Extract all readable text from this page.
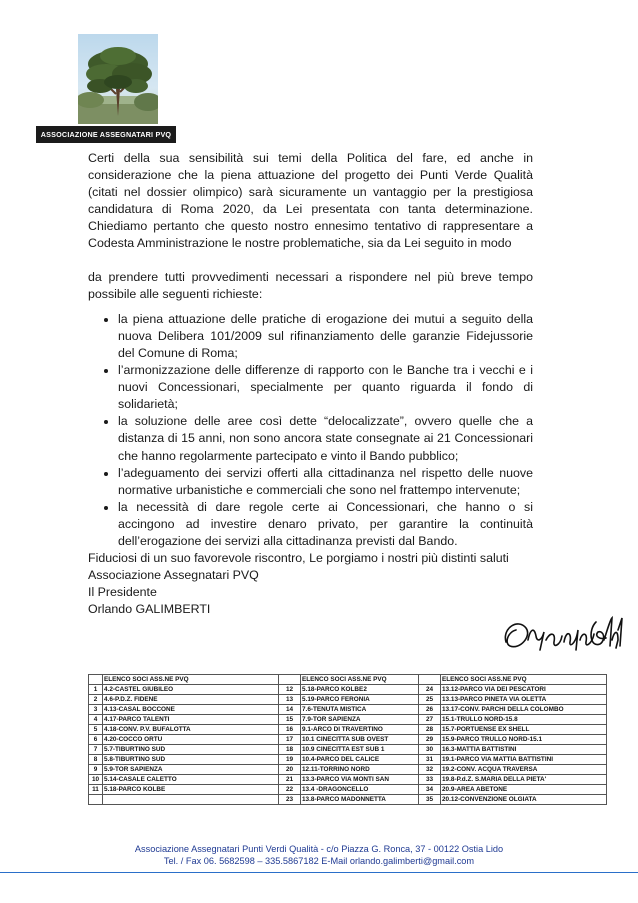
ASSOCIAZIONE ASSEGNATARI PVQ

Certi della sua sensibilità sui temi della Politica del fare, ed anche in considerazione che la piena attuazione del progetto dei Punti Verde Qualità (citati nel dossier olimpico) sarà sicuramente un vantaggio per la prestigiosa candidatura di Roma 2020, da Lei presentata con tanta determinazione. Chiediamo pertanto che questo nostro ennesimo tentativo di rappresentare a Codesta Amministrazione le nostre problematiche, sia da Lei seguito in modo

da prendere tutti provvedimenti necessari a rispondere nel più breve tempo possibile alle seguenti richieste:

• la piena attuazione delle pratiche di erogazione dei mutui a seguito della nuova Delibera 101/2009 sul rifinanziamento delle garanzie Fidejussorie del Comune di Roma;
• l’armonizzazione delle differenze di rapporto con le Banche tra i vecchi e i nuovi Concessionari, specialmente per quanto riguarda il fondo di solidarietà;
• la soluzione delle aree così dette “delocalizzate”, ovvero quelle che a distanza di 15 anni, non sono ancora state consegnate ai 21 Concessionari che hanno regolarmente partecipato e vinto il Bando pubblico;
• l’adeguamento dei servizi offerti alla cittadinanza nel rispetto delle nuove normative urbanistiche e commerciali che sono nel frattempo intervenute;
• la necessità di dare regole certe ai Concessionari, che hanno o si accingono ad investire denaro privato, per garantire la continuità dell’erogazione dei servizi alla cittadinanza previsti dal Bando.

Fiduciosi di un suo favorevole riscontro, Le porgiamo i nostri più distinti saluti

Associazione Assegnatari PVQ

Il Presidente

Orlando GALIMBERTI

	ELENCO SOCI ASS.NE PVQ		ELENCO SOCI ASS.NE PVQ		ELENCO SOCI ASS.NE PVQ
1	4.2-CASTEL GIUBILEO	12	5.18-PARCO KOLBE2	24	13.12-PARCO VIA DEI PESCATORI
2	4.6-P.D.Z. FIDENE	13	5.19-PARCO FERONIA	25	13.13-PARCO PINETA VIA OLETTA
3	4.13-CASAL BOCCONE	14	7.6-TENUTA MISTICA	26	13.17-CONV. PARCHI DELLA COLOMBO
4	4.17-PARCO TALENTI	15	7.9-TOR SAPIENZA	27	15.1-TRULLO NORD-15.8
5	4.18-CONV. P.V. BUFALOTTA	16	9.1-ARCO DI TRAVERTINO	28	15.7-PORTUENSE EX SHELL
6	4.20-COCCO ORTU	17	10.1 CINECITTA SUB OVEST	29	15.9-PARCO TRULLO NORD-15.1
7	5.7-TIBURTINO SUD	18	10.9 CINECITTA EST SUB 1	30	16.3-MATTIA BATTISTINI
8	5.8-TIBURTINO SUD	19	10.4-PARCO DEL CALICE	31	19.1-PARCO VIA MATTIA BATTISTINI
9	5.9-TOR SAPIENZA	20	12.11-TORRINO NORD	32	19.2-CONV. ACQUA TRAVERSA
10	5.14-CASALE CALETTO	21	13.3-PARCO VIA MONTI SAN	33	19.8-P.d.Z. S.MARIA DELLA PIETA'
11	5.18-PARCO KOLBE	22	13.4 -DRAGONCELLO	34	20.9-AREA ABETONE
		23	13.8-PARCO MADONNETTA	35	20.12-CONVENZIONE OLGIATA
Associazione Assegnatari Punti Verdi Qualità - c/o Piazza G. Ronca, 37 - 00122 Ostia Lido
Tel. / Fax 06. 5682598 – 335.5867182 E-Mail orlando.galimberti@gmail.com
